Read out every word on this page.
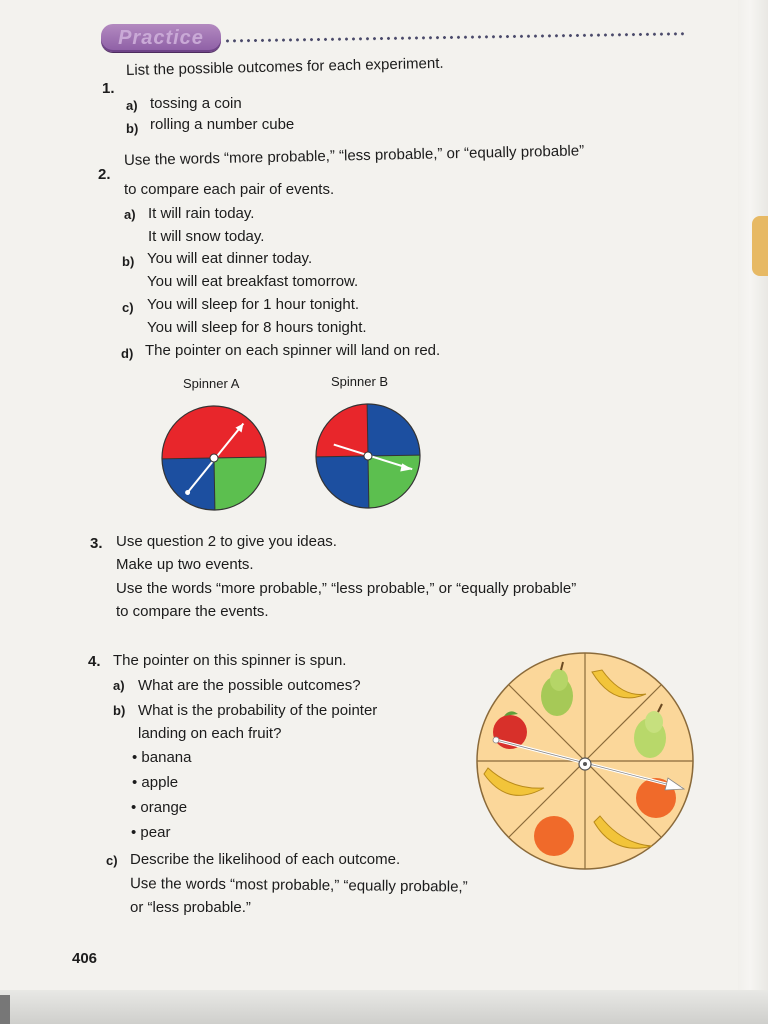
Practice
1.
List the possible outcomes for each experiment.
a) tossing a coin
b) rolling a number cube
2.
Use the words “more probable,” “less probable,” or “equally probable”
to compare each pair of events.
a) It will rain today.
It will snow today.
b) You will eat dinner today.
You will eat breakfast tomorrow.
c) You will sleep for 1 hour tonight.
You will sleep for 8 hours tonight.
d) The pointer on each spinner will land on red.
Spinner A	Spinner B
3. Use question 2 to give you ideas.
Make up two events.
Use the words “more probable,” “less probable,” or “equally probable”
to compare the events.
4. The pointer on this spinner is spun.
a) What are the possible outcomes?
b) What is the probability of the pointer
landing on each fruit?
• banana
• apple
• orange
• pear
c) Describe the likelihood of each outcome.
Use the words “most probable,” “equally probable,”
or “less probable.”
406
